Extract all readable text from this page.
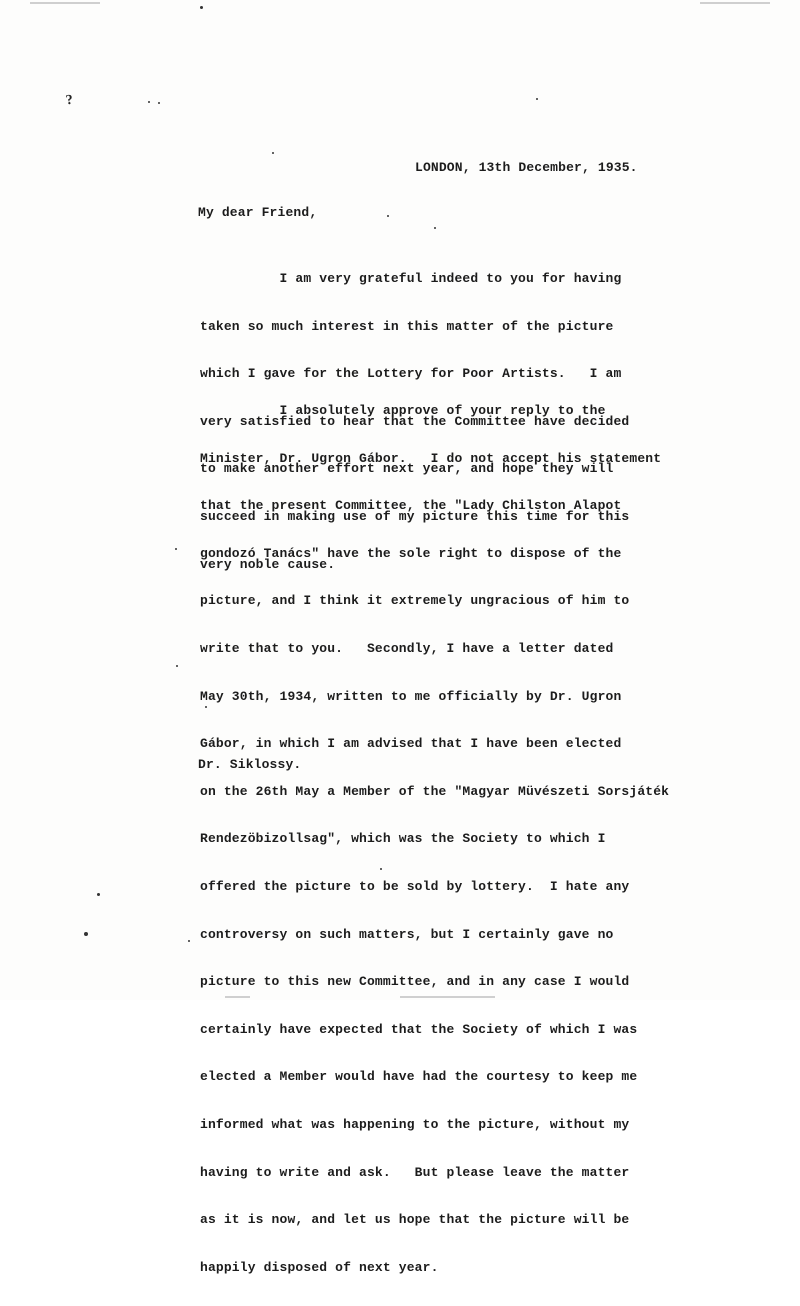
?
LONDON, 13th December, 1935.
My dear Friend,

I am very grateful indeed to you for having

taken so much interest in this matter of the picture

which I gave for the Lottery for Poor Artists.   I am

very satisfied to hear that the Committee have decided

to make another effort next year, and hope they will

succeed in making use of my picture this time for this

very noble cause.

I absolutely approve of your reply to the

Minister, Dr. Ugron Gábor.   I do not accept his statement

that the present Committee, the "Lady Chilston Alapot

gondozó Tanács" have the sole right to dispose of the

picture, and I think it extremely ungracious of him to

write that to you.   Secondly, I have a letter dated

May 30th, 1934, written to me officially by Dr. Ugron

Gábor, in which I am advised that I have been elected

on the 26th May a Member of the "Magyar Müvészeti Sorsjáték

Rendezöbizollsag", which was the Society to which I

offered the picture to be sold by lottery.  I hate any

controversy on such matters, but I certainly gave no

picture to this new Committee, and in any case I would

certainly have expected that the Society of which I was

elected a Member would have had the courtesy to keep me

informed what was happening to the picture, without my

having to write and ask.   But please leave the matter

as it is now, and let us hope that the picture will be

happily disposed of next year.

Dr. Siklossy.
